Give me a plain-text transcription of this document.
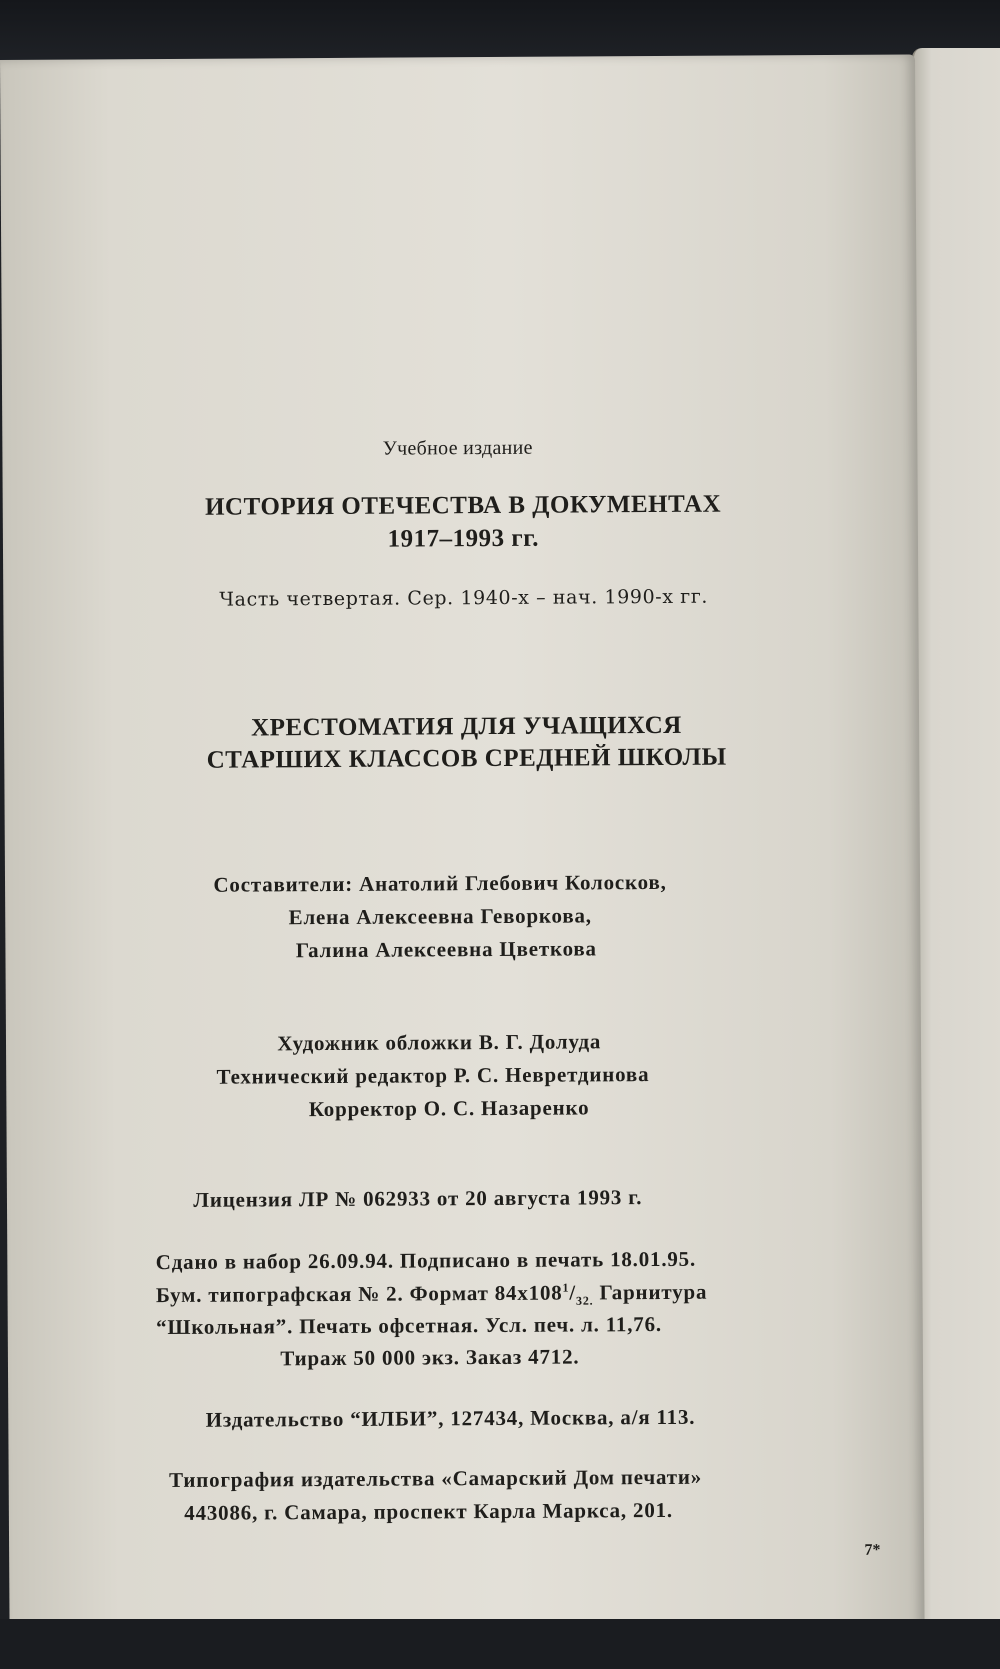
Учебное издание
ИСТОРИЯ ОТЕЧЕСТВА В ДОКУМЕНТАХ
1917–1993 гг.
Часть четвертая. Сер. 1940-х – нач. 1990-х гг.
ХРЕСТОМАТИЯ ДЛЯ УЧАЩИХСЯ
СТАРШИХ КЛАССОВ СРЕДНЕЙ ШКОЛЫ
Составители: Анатолий Глебович Колосков,
Елена Алексеевна Геворкова,
Галина Алексеевна Цветкова
Художник обложки В. Г. Долуда
Технический редактор Р. С. Невретдинова
Корректор О. С. Назаренко
Лицензия ЛР № 062933 от 20 августа 1993 г.
Сдано в набор 26.09.94. Подписано в печать 18.01.95.
Бум. типографская № 2. Формат $84х108^1/_{32.}$ Гарнитура
“Школьная”. Печать офсетная. Усл. печ. л. 11,76.
Тираж 50 000 экз. Заказ 4712.
Издательство “ИЛБИ”, 127434, Москва, а/я 113.
Типография издательства «Самарский Дом печати»
443086, г. Самара, проспект Карла Маркса, 201.
7*
